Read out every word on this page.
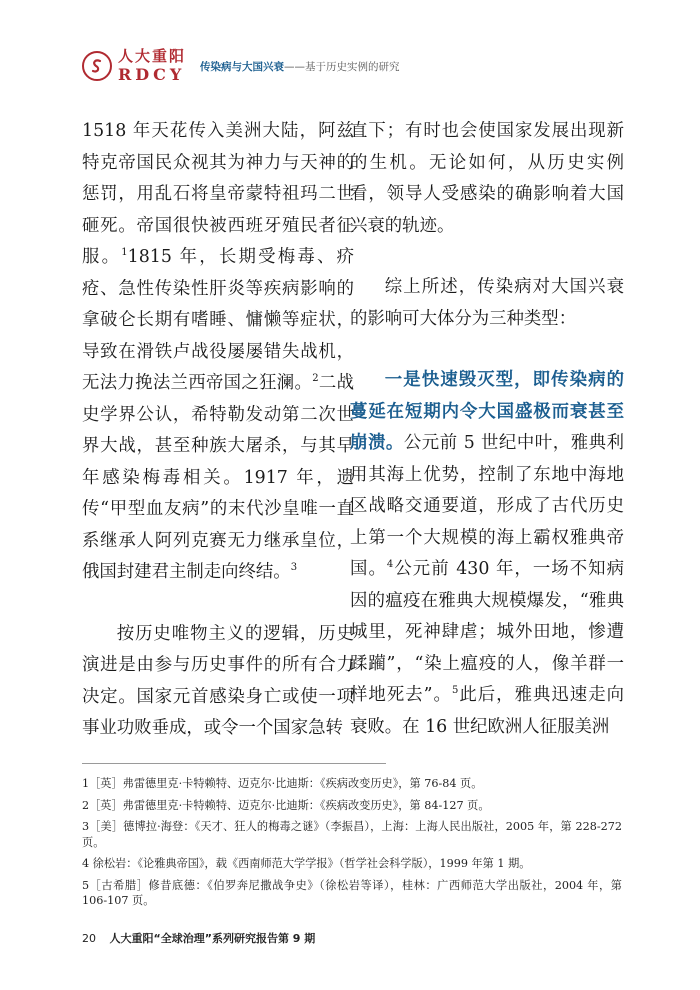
人大重阳
RDCY 传染病与大国兴衰——基于历史实例的研究

1518 年天花传入美洲大陆，阿兹特克帝国民众视其为神力与天神的惩罚，用乱石将皇帝蒙特祖玛二世砸死。帝国很快被西班牙殖民者征服。$^1$1815 年，长期受梅毒、疥疮、急性传染性肝炎等疾病影响的拿破仑长期有嗜睡、慵懒等症状，导致在滑铁卢战役屡屡错失战机，无法力挽法兰西帝国之狂澜。$^2$二战史学界公认，希特勒发动第二次世界大战，甚至种族大屠杀，与其早年感染梅毒相关。1917 年，遗传“甲型血友病”的末代沙皇唯一直系继承人阿列克赛无力继承皇位，俄国封建君主制走向终结。$^3$

按历史唯物主义的逻辑，历史演进是由参与历史事件的所有合力决定。国家元首感染身亡或使一项事业功败垂成，或令一个国家急转

直下；有时也会使国家发展出现新的生机。无论如何，从历史实例看，领导人受感染的确影响着大国兴衰的轨迹。

综上所述，传染病对大国兴衰的影响可大体分为三种类型：

一是快速毁灭型，即传染病的蔓延在短期内令大国盛极而衰甚至崩溃。公元前 5 世纪中叶，雅典利用其海上优势，控制了东地中海地区战略交通要道，形成了古代历史上第一个大规模的海上霸权雅典帝国。$^4$公元前 430 年，一场不知病因的瘟疫在雅典大规模爆发，“雅典城里，死神肆虐；城外田地，惨遭蹂躏”，“染上瘟疫的人，像羊群一样地死去”。$^5$此后，雅典迅速走向衰败。在 16 世纪欧洲人征服美洲

1［英］弗雷德里克·卡特赖特、迈克尔·比迪斯：《疾病改变历史》，第 76-84 页。

2［英］弗雷德里克·卡特赖特、迈克尔·比迪斯：《疾病改变历史》，第 84-127 页。

3［美］德博拉·海登：《天才、狂人的梅毒之谜》（李振昌），上海：上海人民出版社，2005 年，第 228-272 页。

4 徐松岩：《论雅典帝国》，载《西南师范大学学报》（哲学社会科学版），1999 年第 1 期。

5［古希腊］修昔底德：《伯罗奔尼撒战争史》（徐松岩等译），桂林：广西师范大学出版社，2004 年，第 106-107 页。

20 人大重阳“全球治理”系列研究报告第 9 期
